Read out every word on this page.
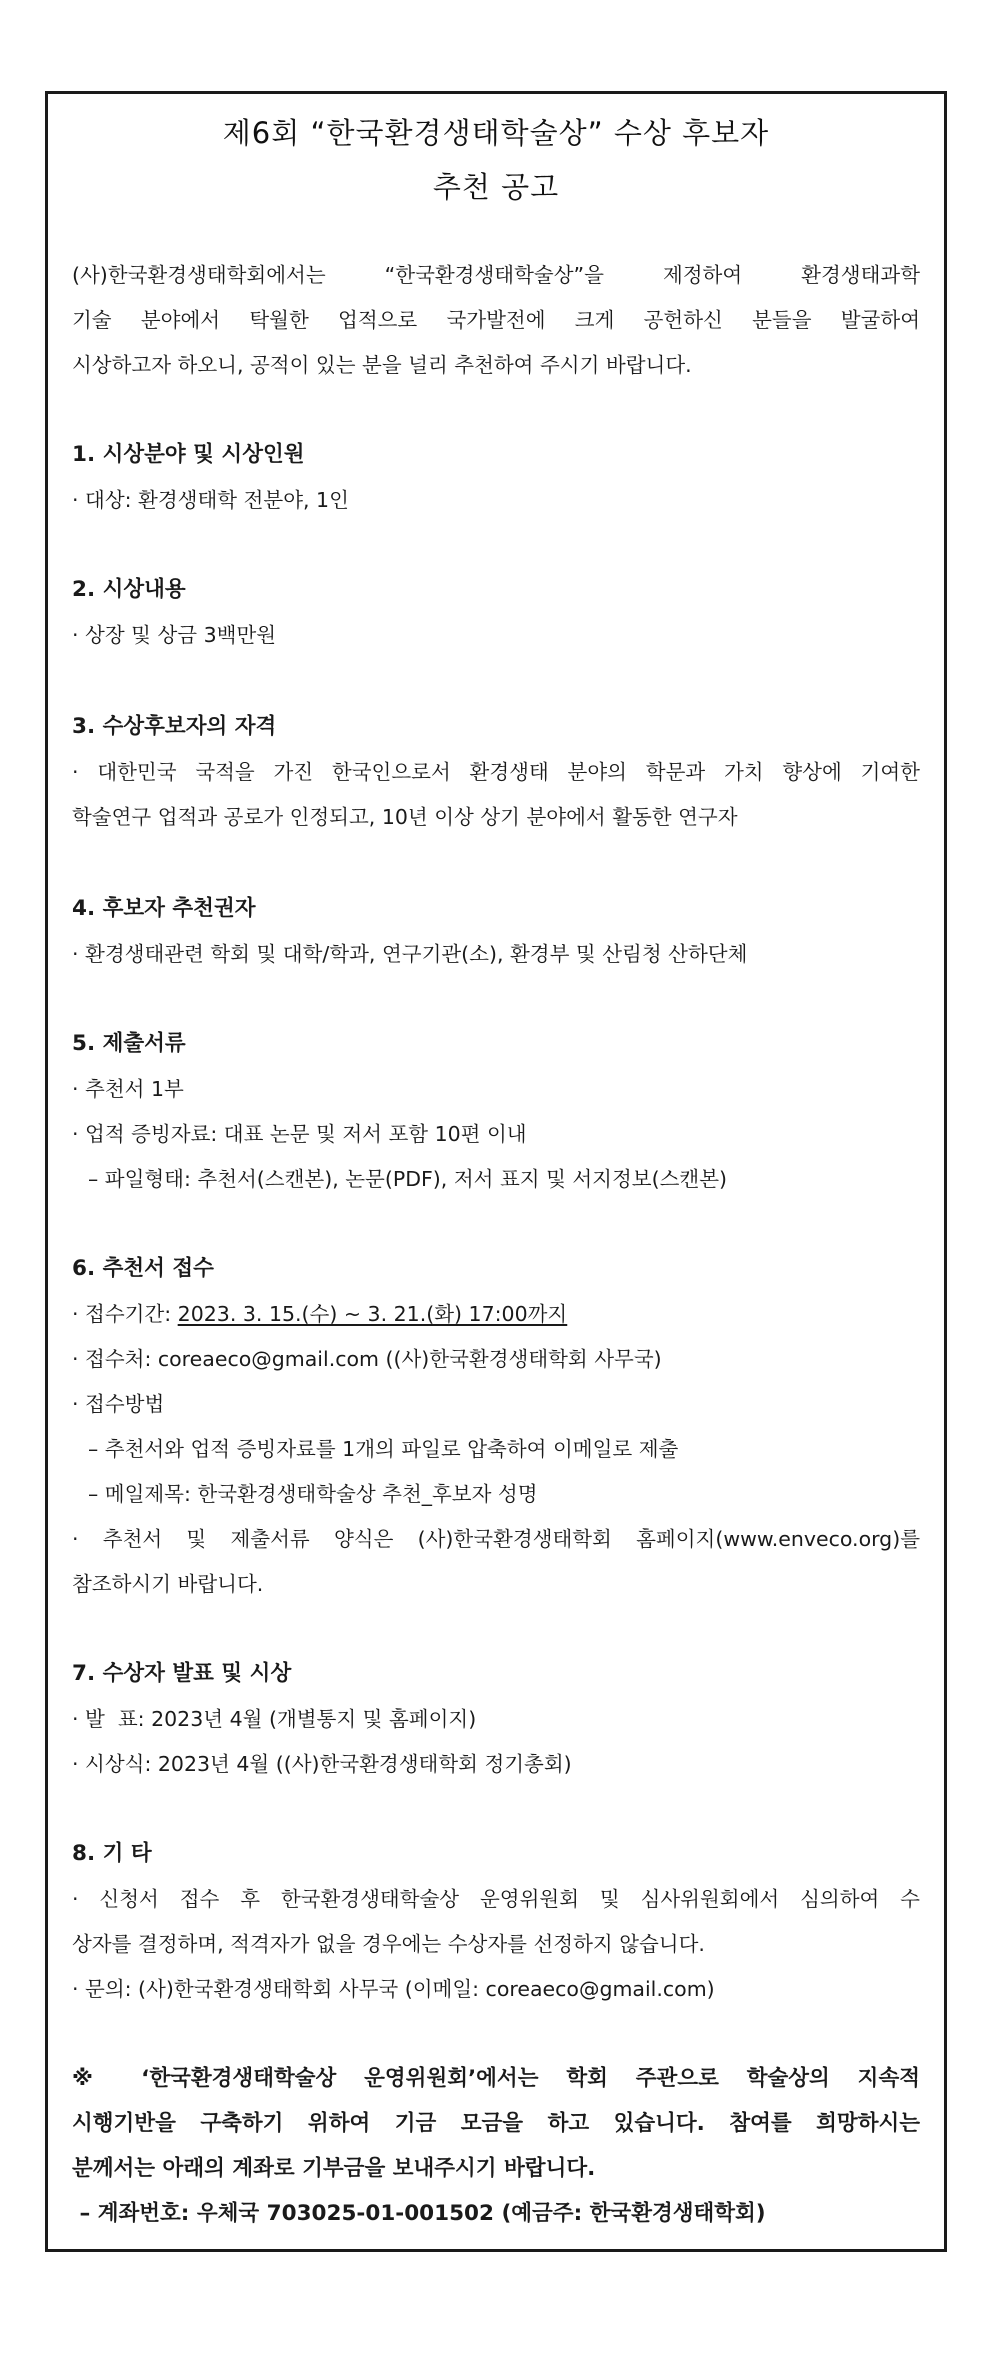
제6회 “한국환경생태학술상” 수상 후보자
추천 공고
(사)한국환경생태학회에서는 “한국환경생태학술상”을 제정하여 환경생태과학
기술 분야에서 탁월한 업적으로 국가발전에 크게 공헌하신 분들을 발굴하여
시상하고자 하오니, 공적이 있는 분을 널리 추천하여 주시기 바랍니다.
1. 시상분야 및 시상인원
· 대상: 환경생태학 전분야, 1인
2. 시상내용
· 상장 및 상금 3백만원
3. 수상후보자의 자격
· 대한민국 국적을 가진 한국인으로서 환경생태 분야의 학문과 가치 향상에 기여한
학술연구 업적과 공로가 인정되고, 10년 이상 상기 분야에서 활동한 연구자
4. 후보자 추천권자
· 환경생태관련 학회 및 대학/학과, 연구기관(소), 환경부 및 산림청 산하단체
5. 제출서류
· 추천서 1부
· 업적 증빙자료: 대표 논문 및 저서 포함 10편 이내
– 파일형태: 추천서(스캔본), 논문(PDF), 저서 표지 및 서지정보(스캔본)
6. 추천서 접수
· 접수기간: 2023. 3. 15.(수) ~ 3. 21.(화) 17:00까지
· 접수처: coreaeco@gmail.com ((사)한국환경생태학회 사무국)
· 접수방법
– 추천서와 업적 증빙자료를 1개의 파일로 압축하여 이메일로 제출
– 메일제목: 한국환경생태학술상 추천_후보자 성명
· 추천서 및 제출서류 양식은 (사)한국환경생태학회 홈페이지(www.enveco.org)를
참조하시기 바랍니다.
7. 수상자 발표 및 시상
· 발  표: 2023년 4월 (개별통지 및 홈페이지)
· 시상식: 2023년 4월 ((사)한국환경생태학회 정기총회)
8. 기 타
· 신청서 접수 후 한국환경생태학술상 운영위원회 및 심사위원회에서 심의하여 수
상자를 결정하며, 적격자가 없을 경우에는 수상자를 선정하지 않습니다.
· 문의: (사)한국환경생태학회 사무국 (이메일: coreaeco@gmail.com)
※ ‘한국환경생태학술상 운영위원회’에서는 학회 주관으로 학술상의 지속적
시행기반을 구축하기 위하여 기금 모금을 하고 있습니다. 참여를 희망하시는
분께서는 아래의 계좌로 기부금을 보내주시기 바랍니다.
– 계좌번호: 우체국 703025-01-001502 (예금주: 한국환경생태학회)
